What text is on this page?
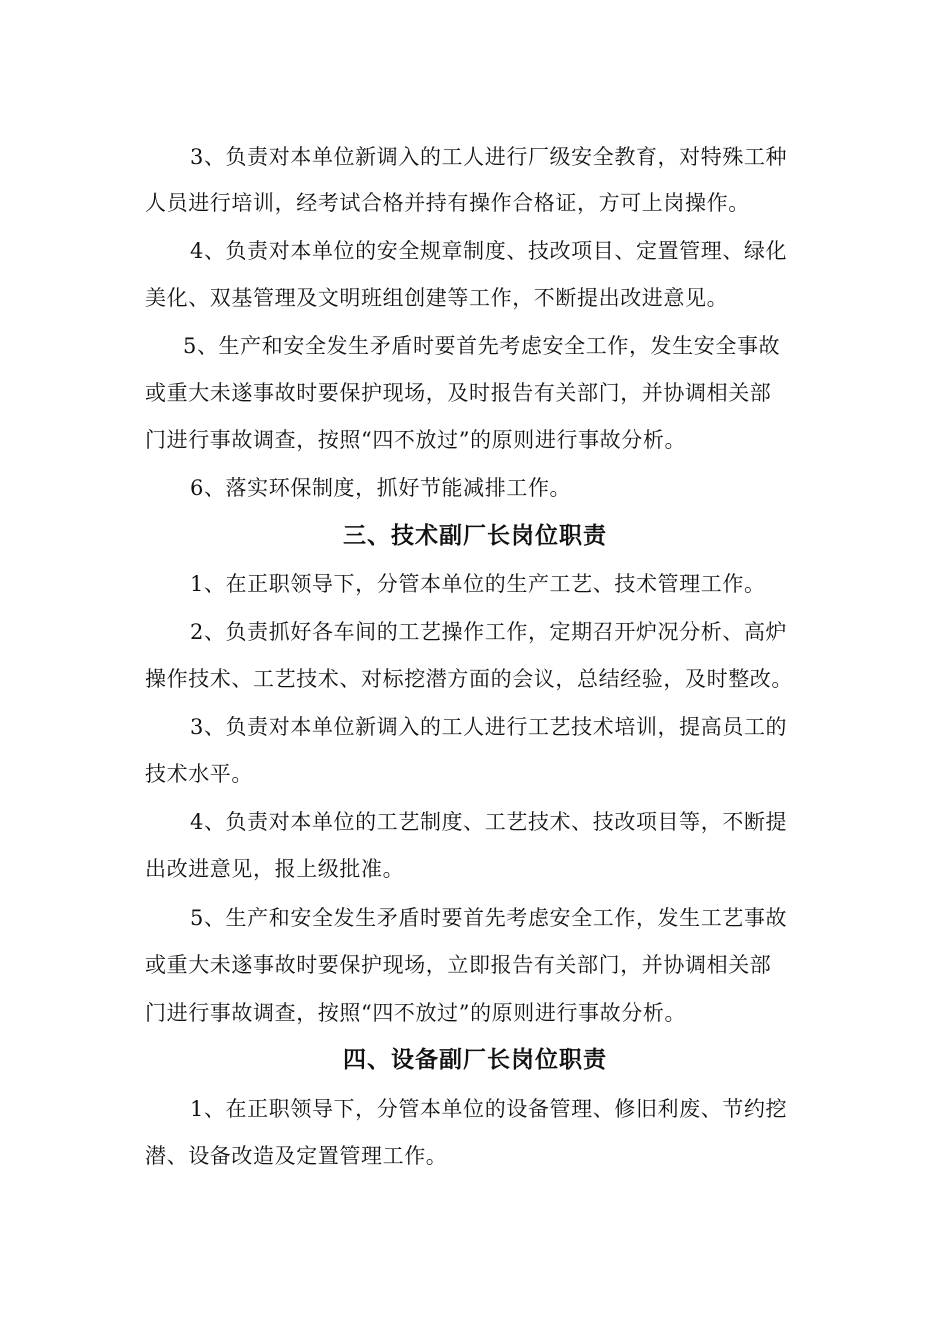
3、负责对本单位新调入的工人进行厂级安全教育，对特殊工种
人员进行培训，经考试合格并持有操作合格证，方可上岗操作。
4、负责对本单位的安全规章制度、技改项目、定置管理、绿化
美化、双基管理及文明班组创建等工作，不断提出改进意见。
5、生产和安全发生矛盾时要首先考虑安全工作，发生安全事故
或重大未遂事故时要保护现场，及时报告有关部门，并协调相关部
门进行事故调查，按照“四不放过”的原则进行事故分析。
6、落实环保制度，抓好节能减排工作。
三、技术副厂长岗位职责
1、在正职领导下，分管本单位的生产工艺、技术管理工作。
2、负责抓好各车间的工艺操作工作，定期召开炉况分析、高炉
操作技术、工艺技术、对标挖潜方面的会议，总结经验，及时整改。
3、负责对本单位新调入的工人进行工艺技术培训，提高员工的
技术水平。
4、负责对本单位的工艺制度、工艺技术、技改项目等，不断提
出改进意见，报上级批准。
5、生产和安全发生矛盾时要首先考虑安全工作，发生工艺事故
或重大未遂事故时要保护现场，立即报告有关部门，并协调相关部
门进行事故调查，按照“四不放过”的原则进行事故分析。
四、设备副厂长岗位职责
1、在正职领导下，分管本单位的设备管理、修旧利废、节约挖
潜、设备改造及定置管理工作。
